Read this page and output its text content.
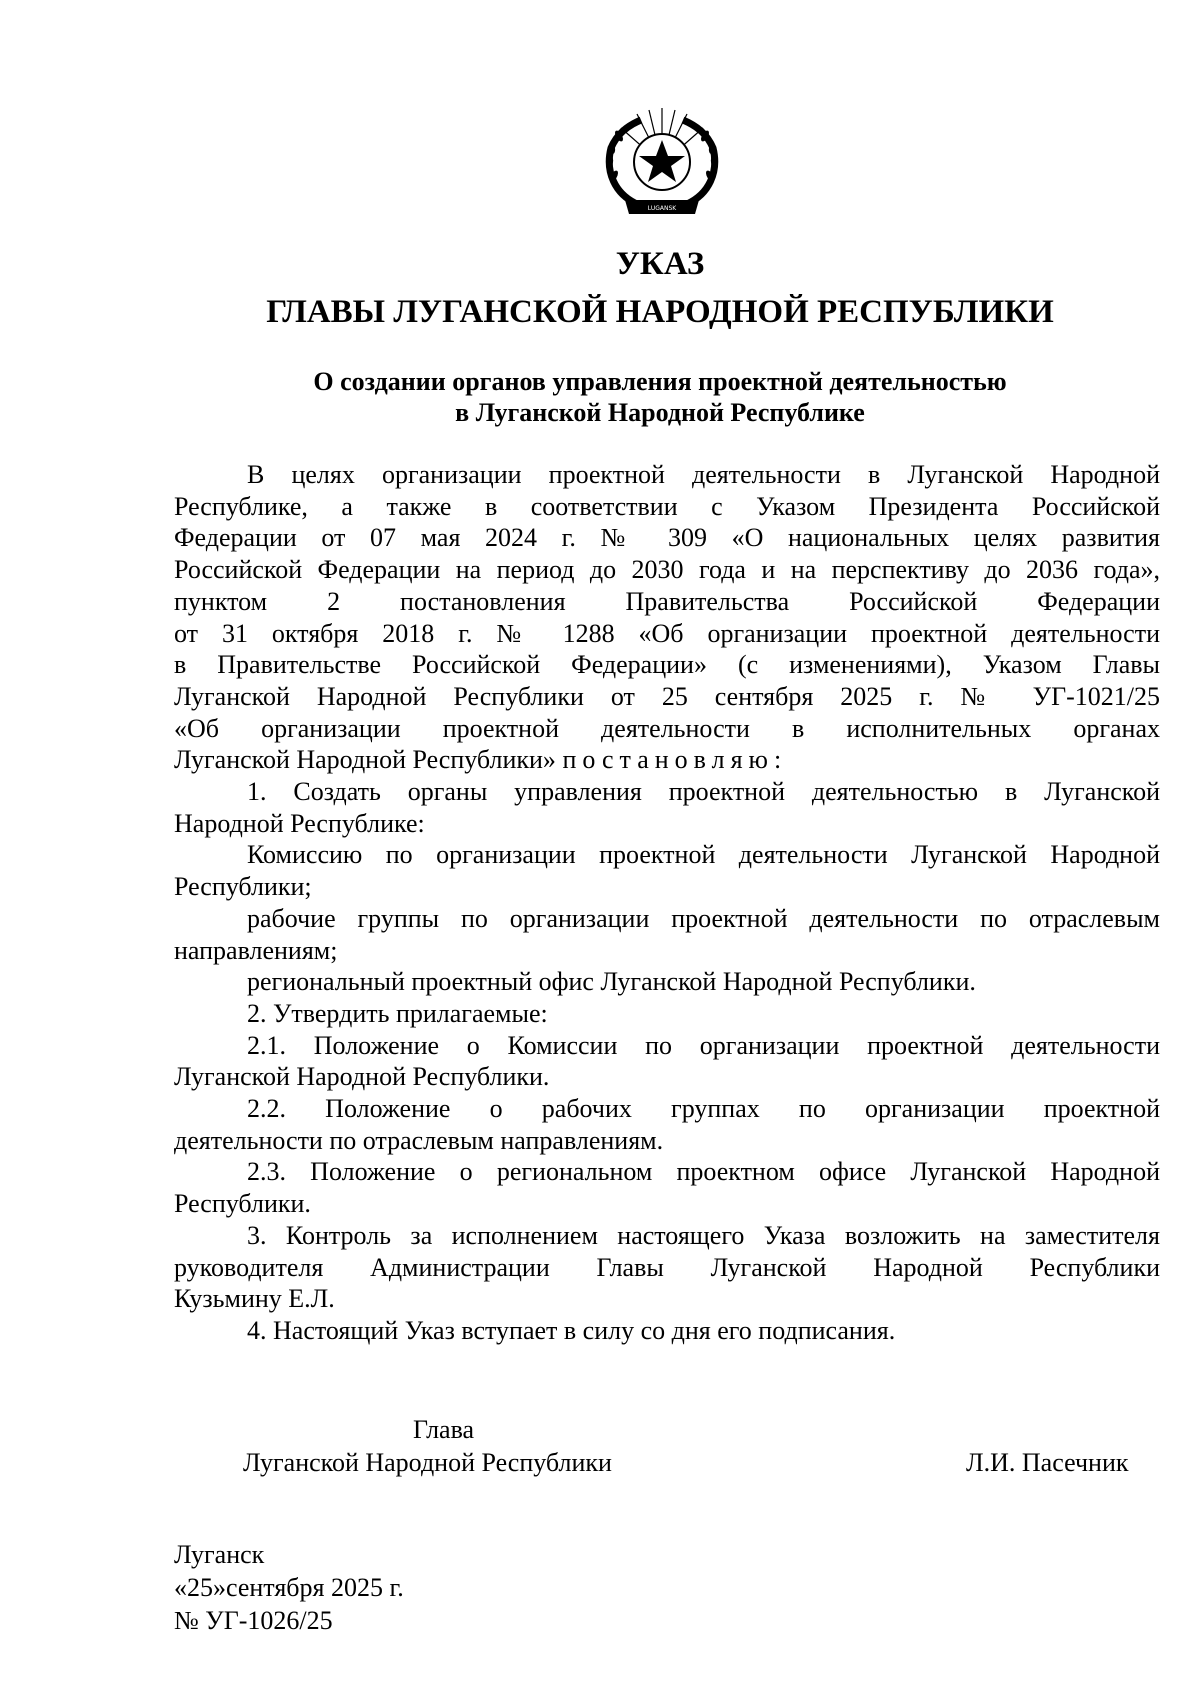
LUGANSK
УКАЗ
ГЛАВЫ ЛУГАНСКОЙ НАРОДНОЙ РЕСПУБЛИКИ
О создании органов управления проектной деятельностью
в Луганской Народной Республике

В целях организации проектной деятельности в Луганской Народной
Республике, а также в соответствии с Указом Президента Российской
Федерации от 07 мая 2024 г. № 309 «О национальных целях развития
Российской Федерации на период до 2030 года и на перспективу до 2036 года»,
пунктом 2 постановления Правительства Российской Федерации
от 31 октября 2018 г. № 1288 «Об организации проектной деятельности
в Правительстве Российской Федерации» (с изменениями), Указом Главы
Луганской Народной Республики от 25 сентября 2025 г. № УГ-1021/25
«Об организации проектной деятельности в исполнительных органах
Луганской Народной Республики» постановляю:

1. Создать органы управления проектной деятельностью в Луганской
Народной Республике:

Комиссию по организации проектной деятельности Луганской Народной
Республики;

рабочие группы по организации проектной деятельности по отраслевым
направлениям;

региональный проектный офис Луганской Народной Республики.

2. Утвердить прилагаемые:

2.1. Положение о Комиссии по организации проектной деятельности
Луганской Народной Республики.

2.2. Положение о рабочих группах по организации проектной
деятельности по отраслевым направлениям.

2.3. Положение о региональном проектном офисе Луганской Народной
Республики.

3. Контроль за исполнением настоящего Указа возложить на заместителя
руководителя Администрации Главы Луганской Народной Республики
Кузьмину Е.Л.

4. Настоящий Указ вступает в силу со дня его подписания.

Глава
Луганской Народной Республики	Л.И. Пасечник
Луганск
«25»сентября 2025 г.
№ УГ-1026/25
